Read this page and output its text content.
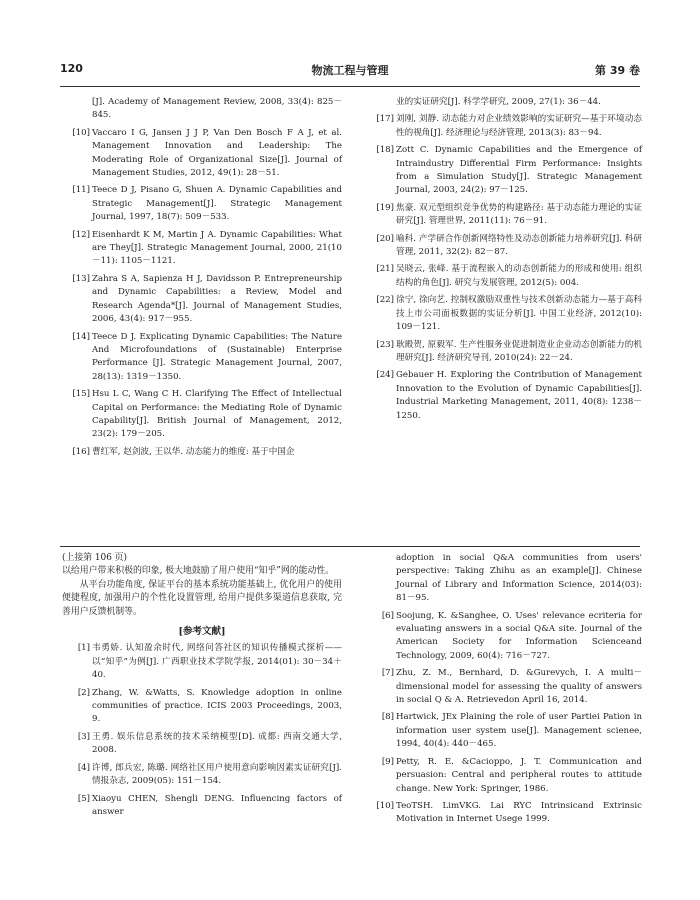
120	物流工程与管理	第 39 卷
[J]. Academy of Management Review, 2008, 33(4): 825－845.
[10] Vaccaro I G, Jansen J J P, Van Den Bosch F A J, et al. Management Innovation and Leadership: The Moderating Role of Organizational Size[J]. Journal of Management Studies, 2012, 49(1): 28－51.
[11] Teece D J, Pisano G, Shuen A. Dynamic Capabilities and Strategic Management[J]. Strategic Management Journal, 1997, 18(7): 509－533.
[12] Eisenhardt K M, Martin J A. Dynamic Capabilities: What are They[J]. Strategic Management Journal, 2000, 21(10－11): 1105－1121.
[13] Zahra S A, Sapienza H J, Davidsson P. Entrepreneurship and Dynamic Capabilities: a Review, Model and Research Agenda*[J]. Journal of Management Studies, 2006, 43(4): 917－955.
[14] Teece D J. Explicating Dynamic Capabilities: The Nature And Microfoundations of (Sustainable) Enterprise Performance [J]. Strategic Management Journal, 2007, 28(13): 1319－1350.
[15] Hsu L C, Wang C H. Clarifying The Effect of Intellectual Capital on Performance: the Mediating Role of Dynamic Capability[J]. British Journal of Management, 2012, 23(2): 179－205.
[16] 曹红军, 赵剑波, 王以华. 动态能力的维度: 基于中国企
业的实证研究[J]. 科学学研究, 2009, 27(1): 36－44.
[17] 刘刚, 刘静. 动态能力对企业绩效影响的实证研究—基于环境动态性的视角[J]. 经济理论与经济管理, 2013(3): 83－94.
[18] Zott C. Dynamic Capabilities and the Emergence of Intraindustry Differential Firm Performance: Insights from a Simulation Study[J]. Strategic Management Journal, 2003, 24(2): 97－125.
[19] 焦豪. 双元型组织竞争优势的构建路径: 基于动态能力理论的实证研究[J]. 管理世界, 2011(11): 76－91.
[20] 喻科. 产学研合作创新网络特性及动态创新能力培养研究[J]. 科研管理, 2011, 32(2): 82－87.
[21] 吴晓云, 张峰. 基于流程嵌入的动态创新能力的形成和使用: 组织结构的角色[J]. 研究与发展管理, 2012(5): 004.
[22] 徐宁, 徐向艺. 控制权激励双重性与技术创新动态能力—基于高科技上市公司面板数据的实证分析[J]. 中国工业经济, 2012(10): 109－121.
[23] 耿殿贺, 原毅军. 生产性服务业促进制造业企业动态创新能力的机理研究[J]. 经济研究导刊, 2010(24): 22－24.
[24] Gebauer H. Exploring the Contribution of Management Innovation to the Evolution of Dynamic Capabilities[J]. Industrial Marketing Management, 2011, 40(8): 1238－1250.

(上接第 106 页)

以给用户带来积极的印象, 极大地鼓励了用户使用“知乎”网的能动性。

从平台功能角度, 保证平台的基本系统功能基础上, 优化用户的使用便捷程度, 加强用户的个性化设置管理, 给用户提供多渠道信息获取, 完善用户反馈机制等。

[参考文献]
[1] 韦勇娇. 认知盈余时代, 网络问答社区的知识传播模式探析——以“知乎”为例[J]. 广西职业技术学院学报, 2014(01): 30－34＋40.
[2] Zhang, W. &Watts, S. Knowledge adoption in online communities of practice. ICIS 2003 Proceedings, 2003, 9.
[3] 王勇. 娱乐信息系统的技术采纳模型[D]. 成都: 西南交通大学, 2008.
[4] 许博, 郎兵宏, 陈璐. 网络社区用户使用意向影响因素实证研究[J]. 情报杂志, 2009(05): 151－154.
[5] Xiaoyu CHEN, Shengli DENG. Influencing factors of answer
adoption in social Q&A communities from users' perspective: Taking Zhihu as an example[J]. Chinese Journal of Library and Information Science, 2014(03): 81－95.
[6] Soojung, K. &Sanghee, O. Uses' relevance ecriteria for evaluating answers in a social Q&A site. Journal of the American Society for Information Scienceand Technology, 2009, 60(4): 716－727.
[7] Zhu, Z. M., Bernhard, D. &Gurevych, I. A multi－dimensional model for assessing the quality of answers in social Q & A. Retrievedon April 16, 2014.
[8] Hartwick, JEx Plaining the role of user Partiei Pation in information user system use[J]. Management scienee, 1994, 40(4): 440－465.
[9] Petty, R. E. &Cacioppo, J. T. Communication and persuasion: Central and peripheral routes to attitude change. New York: Springer, 1986.
[10] TeoTSH. LimVKG. Lai RYC Intrinsicand Extrinsic Motivation in Internet Usege 1999.
